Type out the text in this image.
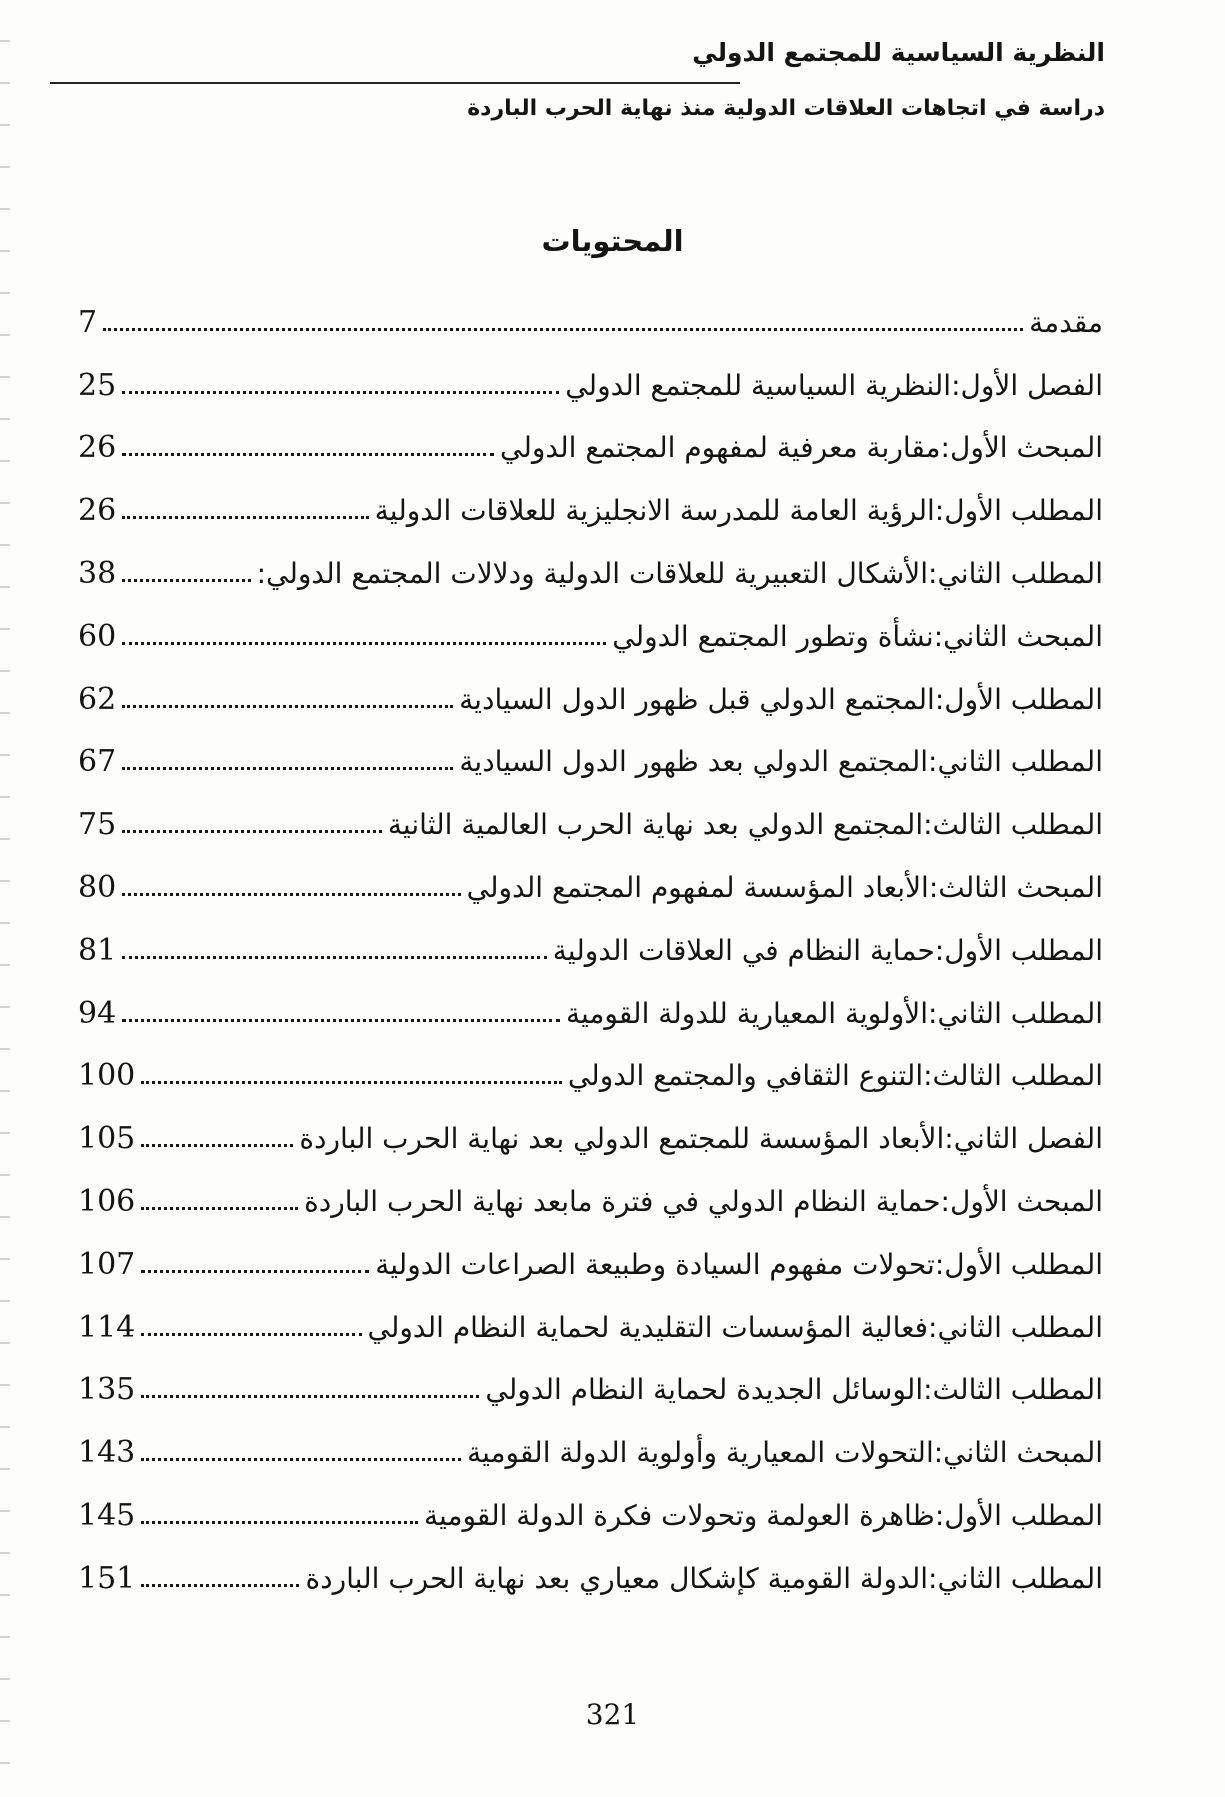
النظرية السياسية للمجتمع الدولي
دراسة في اتجاهات العلاقات الدولية منذ نهاية الحرب الباردة
المحتويات
7	مقدمة
25	الفصل الأول:النظرية السياسية للمجتمع الدولي
26	المبحث الأول:مقاربة معرفية لمفهوم المجتمع الدولي
26	المطلب الأول:الرؤية العامة للمدرسة الانجليزية للعلاقات الدولية
38	المطلب الثاني:الأشكال التعبيرية للعلاقات الدولية ودلالات المجتمع الدولي:
60	المبحث الثاني:نشأة وتطور المجتمع الدولي
62	المطلب الأول:المجتمع الدولي قبل ظهور الدول السيادية
67	المطلب الثاني:المجتمع الدولي بعد ظهور الدول السيادية
75	المطلب الثالث:المجتمع الدولي بعد نهاية الحرب العالمية الثانية
80	المبحث الثالث:الأبعاد المؤسسة لمفهوم المجتمع الدولي
81	المطلب الأول:حماية النظام في العلاقات الدولية
94	المطلب الثاني:الأولوية المعيارية للدولة القومية
100	المطلب الثالث:التنوع الثقافي والمجتمع الدولي
105	الفصل الثاني:الأبعاد المؤسسة للمجتمع الدولي بعد نهاية الحرب الباردة
106	المبحث الأول:حماية النظام الدولي في فترة مابعد نهاية الحرب الباردة
107	المطلب الأول:تحولات مفهوم السيادة وطبيعة الصراعات الدولية
114	المطلب الثاني:فعالية المؤسسات التقليدية لحماية النظام الدولي
135	المطلب الثالث:الوسائل الجديدة لحماية النظام الدولي
143	المبحث الثاني:التحولات المعيارية وأولوية الدولة القومية
145	المطلب الأول:ظاهرة العولمة وتحولات فكرة الدولة القومية
151	المطلب الثاني:الدولة القومية كإشكال معياري بعد نهاية الحرب الباردة
321
